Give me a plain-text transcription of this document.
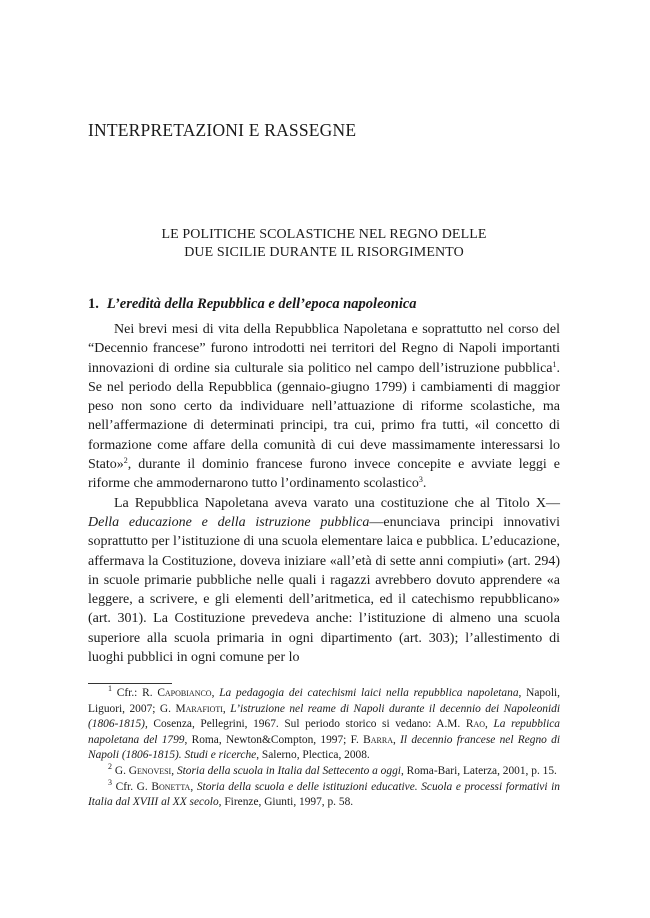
INTERPRETAZIONI E RASSEGNE
LE POLITICHE SCOLASTICHE NEL REGNO DELLE
DUE SICILIE DURANTE IL RISORGIMENTO
1. L’eredità della Repubblica e dell’epoca napoleonica

Nei brevi mesi di vita della Repubblica Napoletana e soprattutto nel corso del “Decennio francese” furono introdotti nei territori del Regno di Napoli importanti innovazioni di ordine sia culturale sia politico nel campo dell’istruzione pubblica$^1$. Se nel periodo della Repubblica (gennaio-giugno 1799) i cambiamenti di maggior peso non sono certo da individuare nell’attuazione di riforme scolastiche, ma nell’affermazione di determinati principi, tra cui, primo fra tutti, «il concetto di formazione come affare della comunità di cui deve massimamente interessarsi lo Stato»$^2$, durante il dominio francese furono invece concepite e avviate leggi e riforme che ammodernarono tutto l’ordinamento scolastico$^3$.

La Repubblica Napoletana aveva varato una costituzione che al Titolo X—Della educazione e della istruzione pubblica—enunciava principi innovativi soprattutto per l’istituzione di una scuola elementare laica e pubblica. L’educazione, affermava la Costituzione, doveva iniziare «all’età di sette anni compiuti» (art. 294) in scuole primarie pubbliche nelle quali i ragazzi avrebbero dovuto apprendere «a leggere, a scrivere, e gli elementi dell’aritmetica, ed il catechismo repubblicano» (art. 301). La Costituzione prevedeva anche: l’istituzione di almeno una scuola superiore alla scuola primaria in ogni dipartimento (art. 303); l’allestimento di luoghi pubblici in ogni comune per lo

$^1$ Cfr.: R. Capobianco, La pedagogia dei catechismi laici nella repubblica napoletana, Napoli, Liguori, 2007; G. Marafioti, L’istruzione nel reame di Napoli durante il decennio dei Napoleonidi (1806-1815), Cosenza, Pellegrini, 1967. Sul periodo storico si vedano: A.M. Rao, La repubblica napoletana del 1799, Roma, Newton&Compton, 1997; F. Barra, Il decennio francese nel Regno di Napoli (1806-1815). Studi e ricerche, Salerno, Plectica, 2008.

$^2$ G. Genovesi, Storia della scuola in Italia dal Settecento a oggi, Roma-Bari, Laterza, 2001, p. 15.

$^3$ Cfr. G. Bonetta, Storia della scuola e delle istituzioni educative. Scuola e processi formativi in Italia dal XVIII al XX secolo, Firenze, Giunti, 1997, p. 58.
